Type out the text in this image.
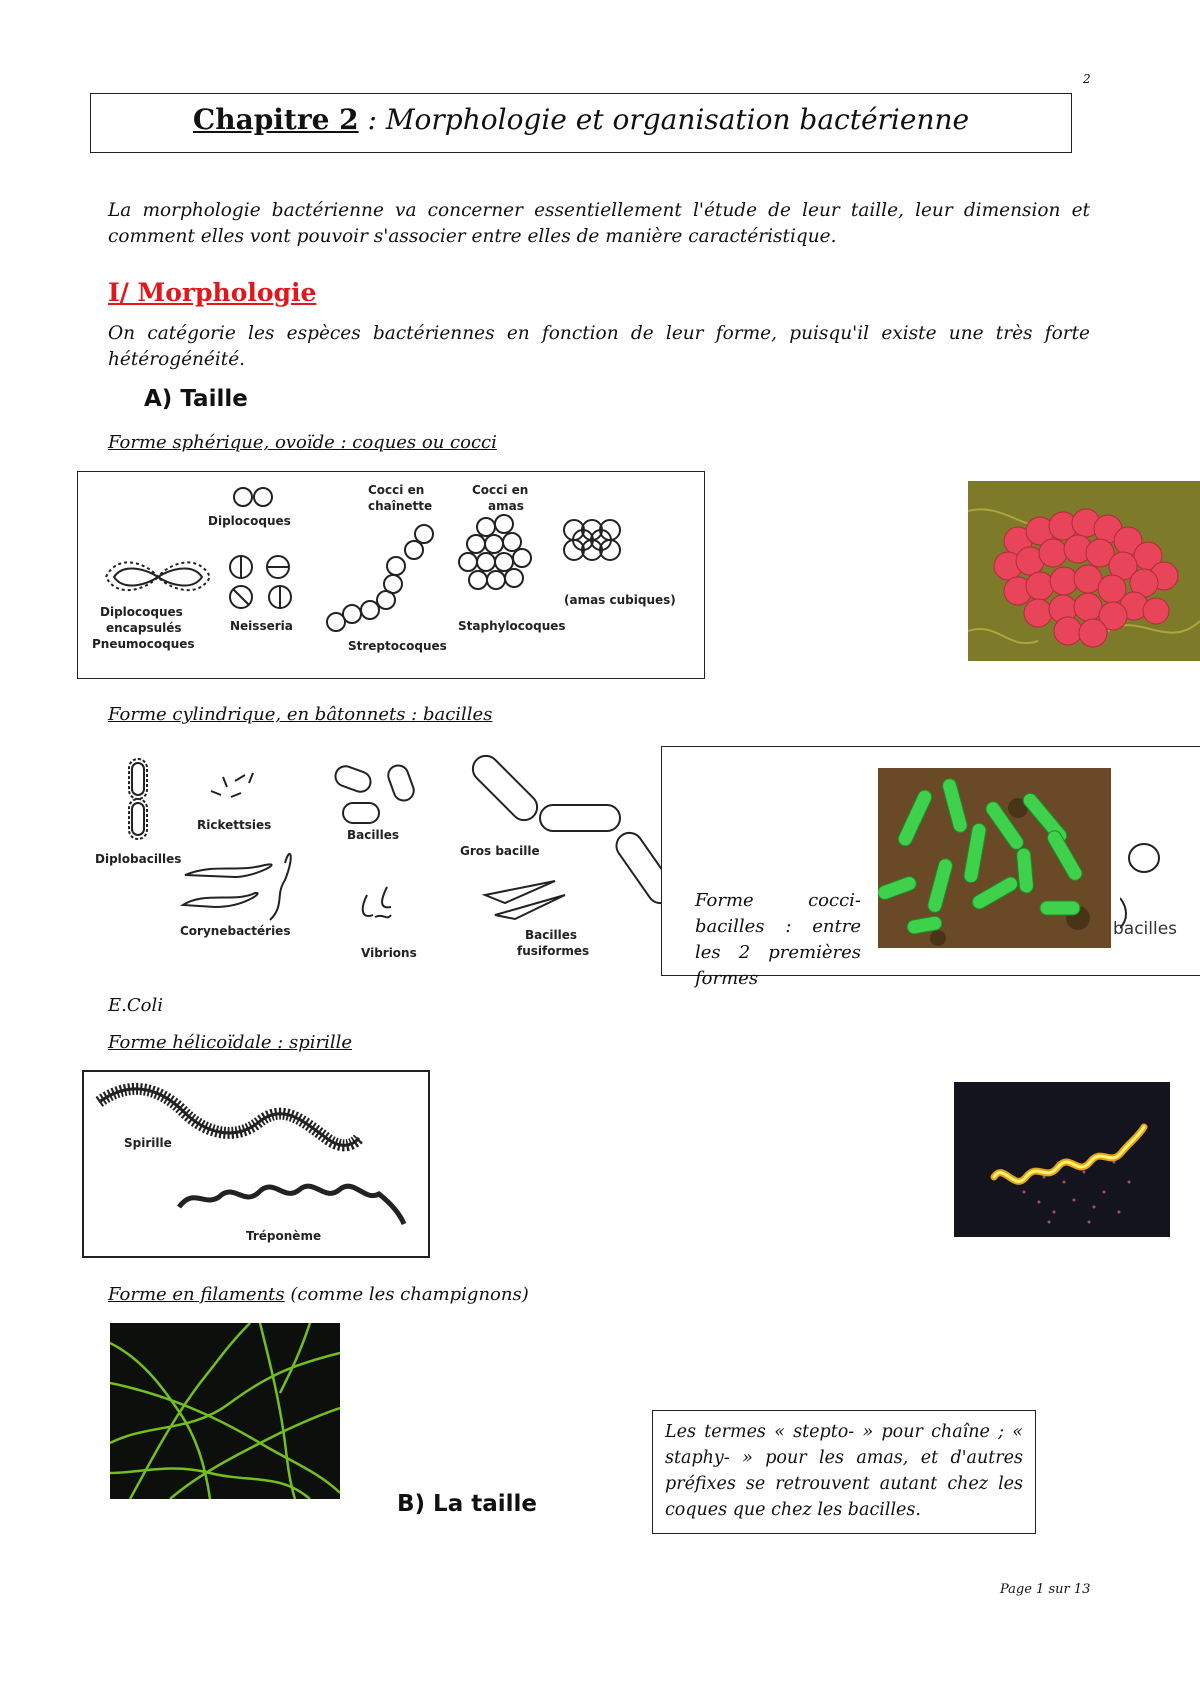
2
Chapitre 2 : Morphologie et organisation bactérienne
La morphologie bactérienne va concerner essentiellement l'étude de leur taille, leur dimension et comment elles vont pouvoir s'associer entre elles de manière caractéristique.
I/ Morphologie
On catégorie les espèces bactériennes en fonction de leur forme, puisqu'il existe une très forte hétérogénéité.
A) Taille
Forme sphérique, ovoïde : coques ou cocci
Diplocoques
Cocci en
chaînette
Cocci en
amas
Diplocoques
encapsulés
Pneumocoques
Neisseria
Streptocoques
Staphylocoques
(amas cubiques)
Forme cylindrique, en bâtonnets : bacilles
Diplobacilles
Rickettsies
Bacilles
Gros bacille
Corynebactéries
Vibrions
Bacilles
fusiformes
bacilles
Forme cocci-bacilles : entre les 2 premières formes
E.Coli
Forme hélicoïdale : spirille
Spirille
Tréponème
Forme en filaments (comme les champignons)
B) La taille
Les termes « stepto- » pour chaîne ; « staphy- » pour les amas, et d'autres préfixes se retrouvent autant chez les coques que chez les bacilles.
Page 1 sur 13
